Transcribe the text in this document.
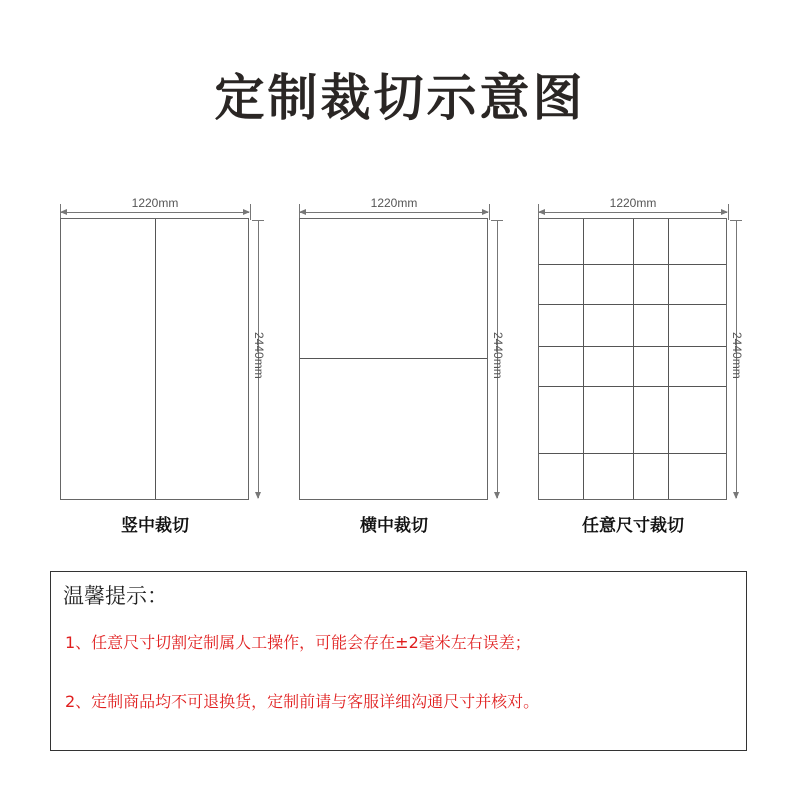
定制裁切示意图
1220mm
2440mm
竖中裁切
1220mm
2440mm
横中裁切
1220mm
2440mm
任意尺寸裁切
温馨提示：
1、任意尺寸切割定制属人工操作，可能会存在±2毫米左右误差；
2、定制商品均不可退换货，定制前请与客服详细沟通尺寸并核对。
